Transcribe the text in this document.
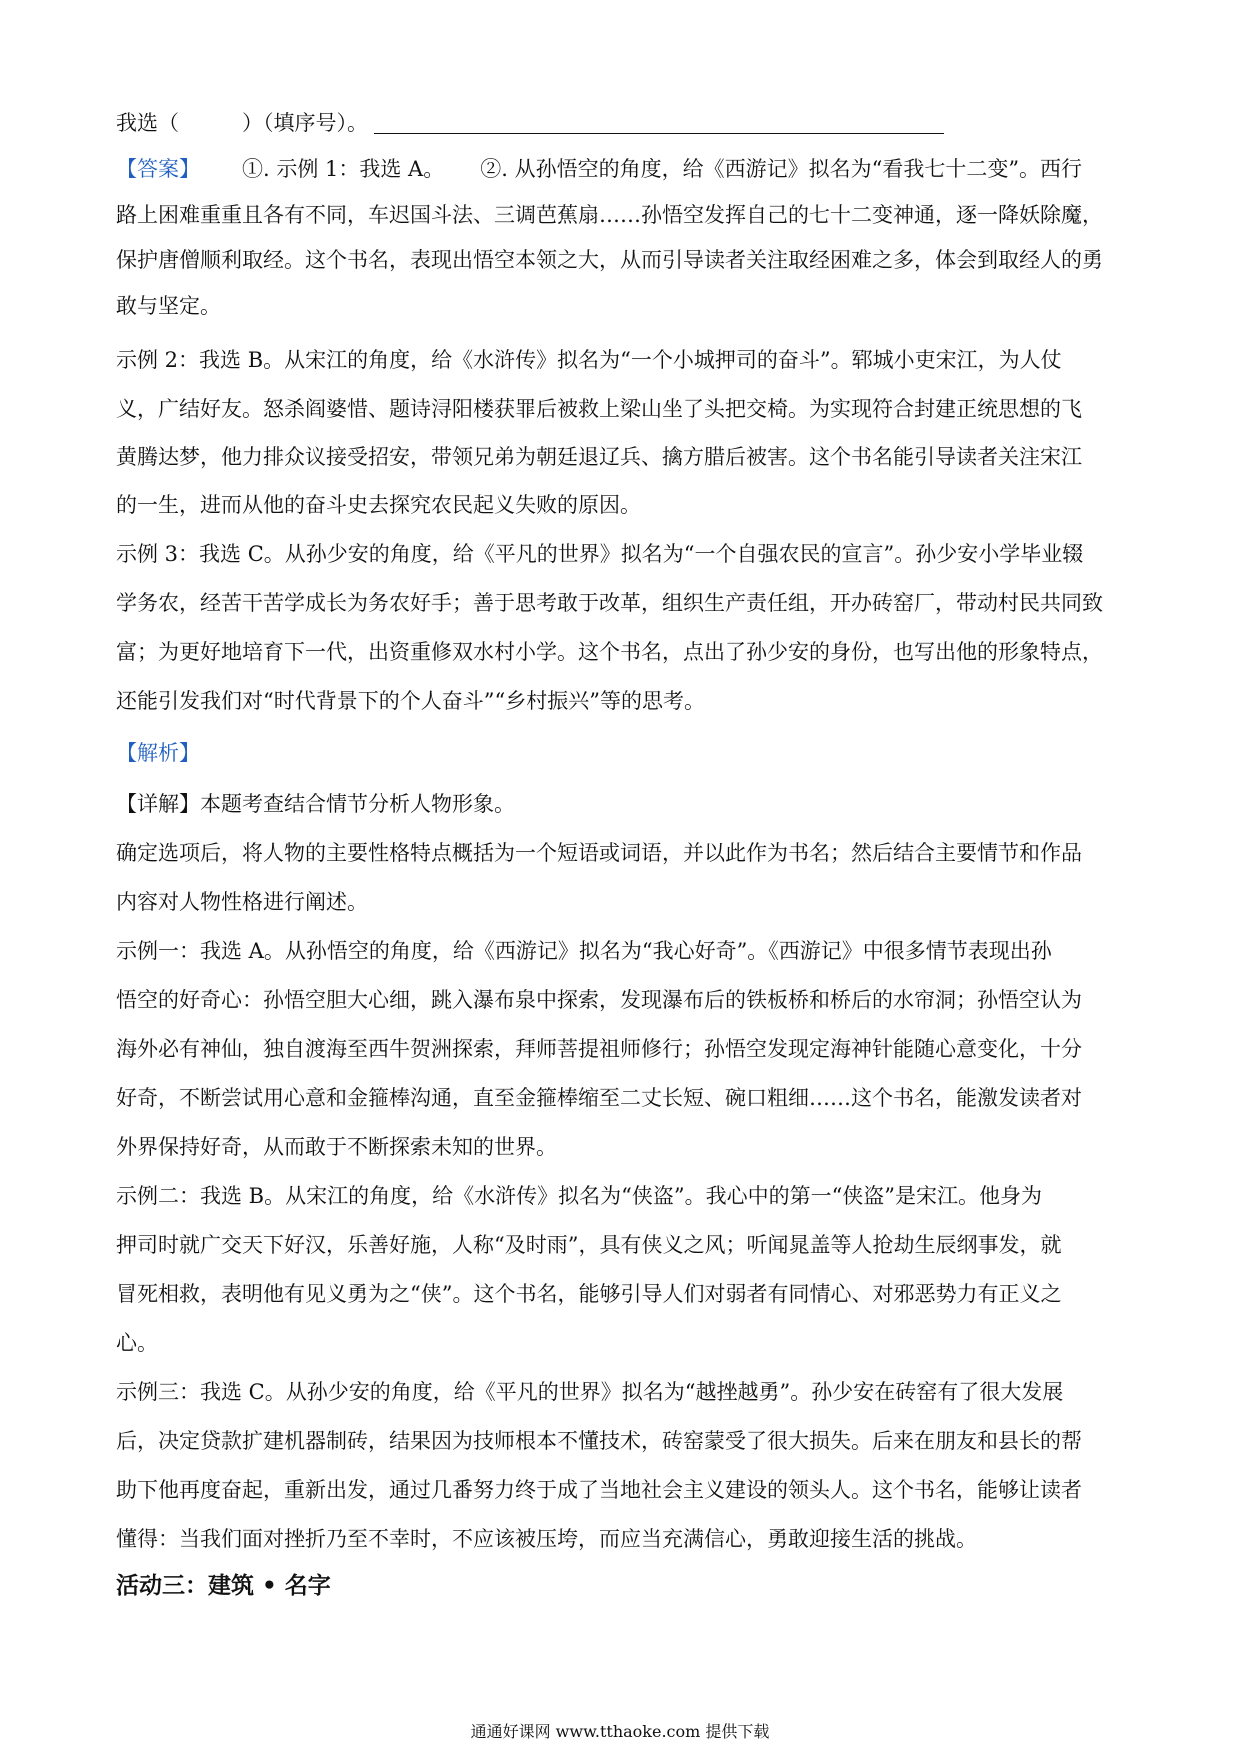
我选（　　　）（填序号）。
【答案】 ①. 示例 1：我选 A。 ②. 从孙悟空的角度，给《西游记》拟名为“看我七十二变”。西行
路上困难重重且各有不同，车迟国斗法、三调芭蕉扇……孙悟空发挥自己的七十二变神通，逐一降妖除魔，
保护唐僧顺利取经。这个书名，表现出悟空本领之大，从而引导读者关注取经困难之多，体会到取经人的勇
敢与坚定。
示例 2：我选 B。从宋江的角度，给《水浒传》拟名为“一个小城押司的奋斗”。郓城小吏宋江，为人仗
义，广结好友。怒杀阎婆惜、题诗浔阳楼获罪后被救上梁山坐了头把交椅。为实现符合封建正统思想的飞
黄腾达梦，他力排众议接受招安，带领兄弟为朝廷退辽兵、擒方腊后被害。这个书名能引导读者关注宋江
的一生，进而从他的奋斗史去探究农民起义失败的原因。
示例 3：我选 C。从孙少安的角度，给《平凡的世界》拟名为“一个自强农民的宣言”。孙少安小学毕业辍
学务农，经苦干苦学成长为务农好手；善于思考敢于改革，组织生产责任组，开办砖窑厂，带动村民共同致
富；为更好地培育下一代，出资重修双水村小学。这个书名，点出了孙少安的身份，也写出他的形象特点，
还能引发我们对“时代背景下的个人奋斗”“乡村振兴”等的思考。
【解析】
【详解】本题考查结合情节分析人物形象。
确定选项后，将人物的主要性格特点概括为一个短语或词语，并以此作为书名；然后结合主要情节和作品
内容对人物性格进行阐述。
示例一：我选 A。从孙悟空的角度，给《西游记》拟名为“我心好奇”。《西游记》中很多情节表现出孙
悟空的好奇心：孙悟空胆大心细，跳入瀑布泉中探索，发现瀑布后的铁板桥和桥后的水帘洞；孙悟空认为
海外必有神仙，独自渡海至西牛贺洲探索，拜师菩提祖师修行；孙悟空发现定海神针能随心意变化，十分
好奇，不断尝试用心意和金箍棒沟通，直至金箍棒缩至二丈长短、碗口粗细……这个书名，能激发读者对
外界保持好奇，从而敢于不断探索未知的世界。
示例二：我选 B。从宋江的角度，给《水浒传》拟名为“侠盗”。我心中的第一“侠盗”是宋江。他身为
押司时就广交天下好汉，乐善好施，人称“及时雨”，具有侠义之风；听闻晁盖等人抢劫生辰纲事发，就
冒死相救，表明他有见义勇为之“侠”。这个书名，能够引导人们对弱者有同情心、对邪恶势力有正义之
心。
示例三：我选 C。从孙少安的角度，给《平凡的世界》拟名为“越挫越勇”。孙少安在砖窑有了很大发展
后，决定贷款扩建机器制砖，结果因为技师根本不懂技术，砖窑蒙受了很大损失。后来在朋友和县长的帮
助下他再度奋起，重新出发，通过几番努力终于成了当地社会主义建设的领头人。这个书名，能够让读者
懂得：当我们面对挫折乃至不幸时，不应该被压垮，而应当充满信心，勇敢迎接生活的挑战。
活动三：建筑 • 名字
通通好课网 www.tthaoke.com 提供下载
